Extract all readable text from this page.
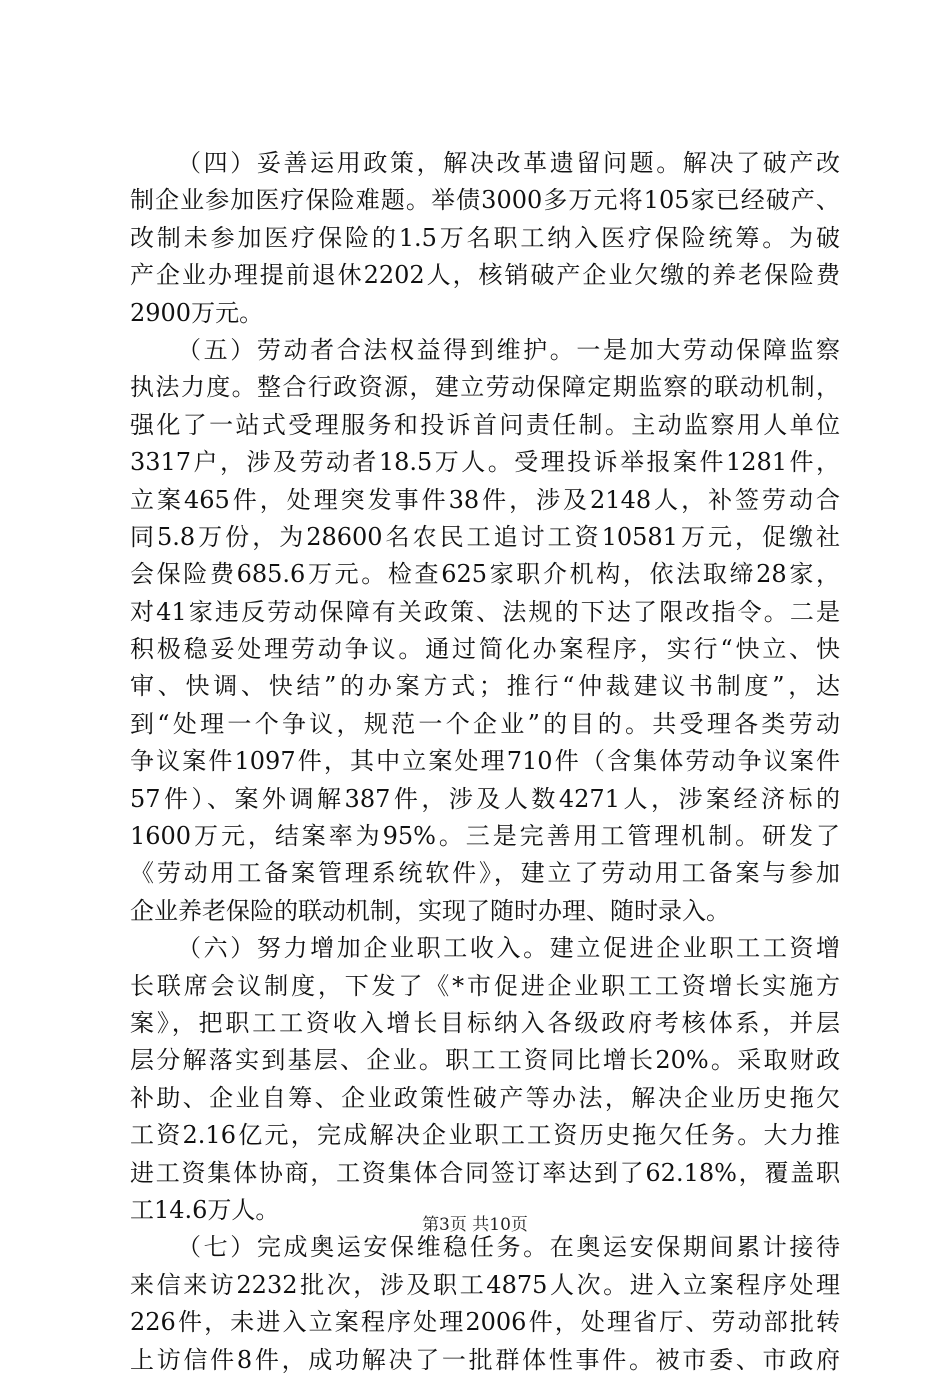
（四）妥善运用政策，解决改革遗留问题。解决了破产改
制企业参加医疗保险难题。举债3000多万元将105家已经破产、
改制未参加医疗保险的1.5万名职工纳入医疗保险统筹。为破
产企业办理提前退休2202人，核销破产企业欠缴的养老保险费
2900万元。
（五）劳动者合法权益得到维护。一是加大劳动保障监察
执法力度。整合行政资源，建立劳动保障定期监察的联动机制，
强化了一站式受理服务和投诉首问责任制。主动监察用人单位
3317户，涉及劳动者18.5万人。受理投诉举报案件1281件，
立案465件，处理突发事件38件，涉及2148人，补签劳动合
同5.8万份，为28600名农民工追讨工资10581万元，促缴社
会保险费685.6万元。检查625家职介机构，依法取缔28家，
对41家违反劳动保障有关政策、法规的下达了限改指令。二是
积极稳妥处理劳动争议。通过简化办案程序，实行“快立、快
审、快调、快结”的办案方式；推行“仲裁建议书制度”，达
到“处理一个争议，规范一个企业”的目的。共受理各类劳动
争议案件1097件，其中立案处理710件（含集体劳动争议案件
57件）、案外调解387件，涉及人数4271人，涉案经济标的
1600万元，结案率为95%。三是完善用工管理机制。研发了
《劳动用工备案管理系统软件》，建立了劳动用工备案与参加
企业养老保险的联动机制，实现了随时办理、随时录入。
（六）努力增加企业职工收入。建立促进企业职工工资增
长联席会议制度，下发了《*市促进企业职工工资增长实施方
案》，把职工工资收入增长目标纳入各级政府考核体系，并层
层分解落实到基层、企业。职工工资同比增长20%。采取财政
补助、企业自筹、企业政策性破产等办法，解决企业历史拖欠
工资2.16亿元，完成解决企业职工工资历史拖欠任务。大力推
进工资集体协商，工资集体合同签订率达到了62.18%，覆盖职
工14.6万人。
（七）完成奥运安保维稳任务。在奥运安保期间累计接待
来信来访2232批次，涉及职工4875人次。进入立案程序处理
226件，未进入立案程序处理2006件，处理省厅、劳动部批转
上访信件8件，成功解决了一批群体性事件。被市委、市政府
第3页 共10页
